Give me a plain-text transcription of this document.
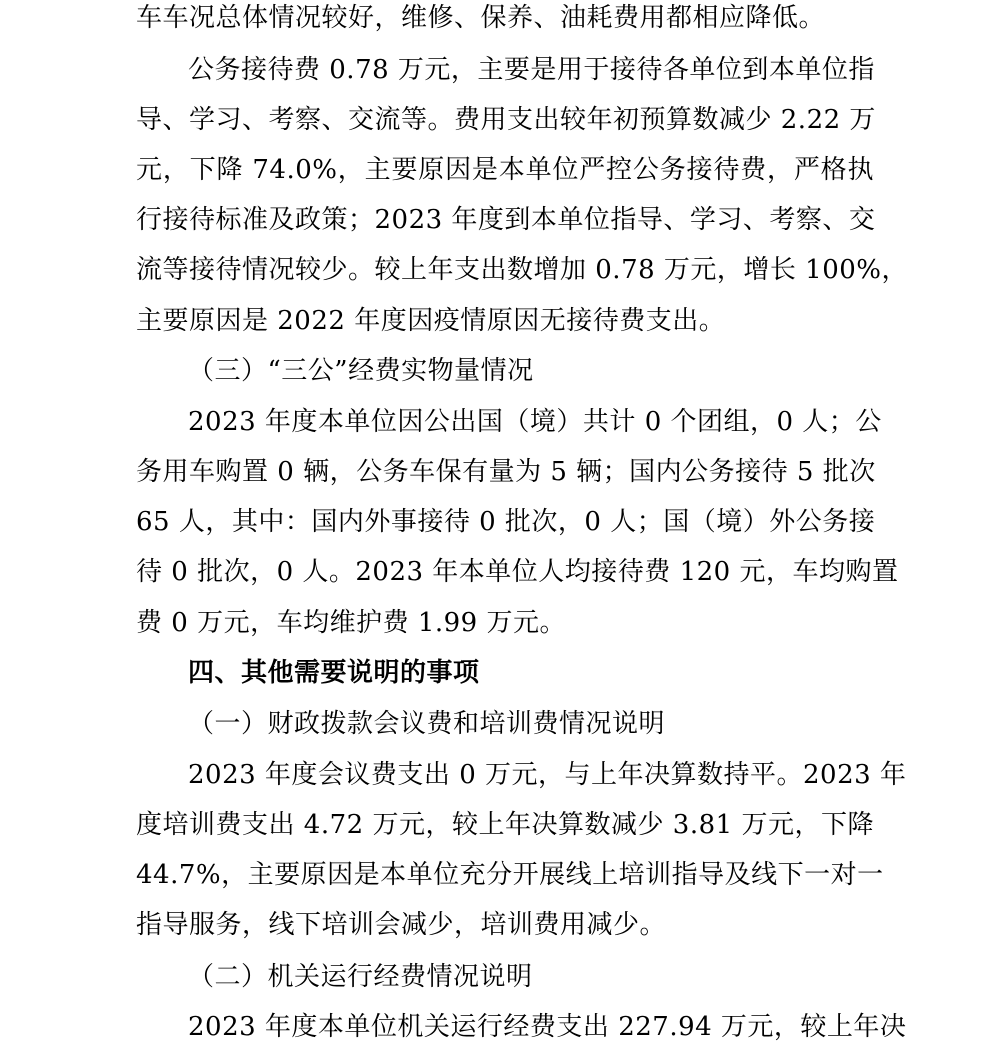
车车况总体情况较好，维修、保养、油耗费用都相应降低。
公务接待费 0.78 万元，主要是用于接待各单位到本单位指
导、学习、考察、交流等。费用支出较年初预算数减少 2.22 万
元，下降 74.0%，主要原因是本单位严控公务接待费，严格执
行接待标准及政策；2023 年度到本单位指导、学习、考察、交
流等接待情况较少。较上年支出数增加 0.78 万元，增长 100%，
主要原因是 2022 年度因疫情原因无接待费支出。
（三）“三公”经费实物量情况
2023 年度本单位因公出国（境）共计 0 个团组，0 人；公
务用车购置 0 辆，公务车保有量为 5 辆；国内公务接待 5 批次
65 人，其中：国内外事接待 0 批次，0 人；国（境）外公务接
待 0 批次，0 人。2023 年本单位人均接待费 120 元，车均购置
费 0 万元，车均维护费 1.99 万元。
四、其他需要说明的事项
（一）财政拨款会议费和培训费情况说明
2023 年度会议费支出 0 万元，与上年决算数持平。2023 年
度培训费支出 4.72 万元，较上年决算数减少 3.81 万元，下降
44.7%，主要原因是本单位充分开展线上培训指导及线下一对一
指导服务，线下培训会减少，培训费用减少。
（二）机关运行经费情况说明
2023 年度本单位机关运行经费支出 227.94 万元，较上年决
